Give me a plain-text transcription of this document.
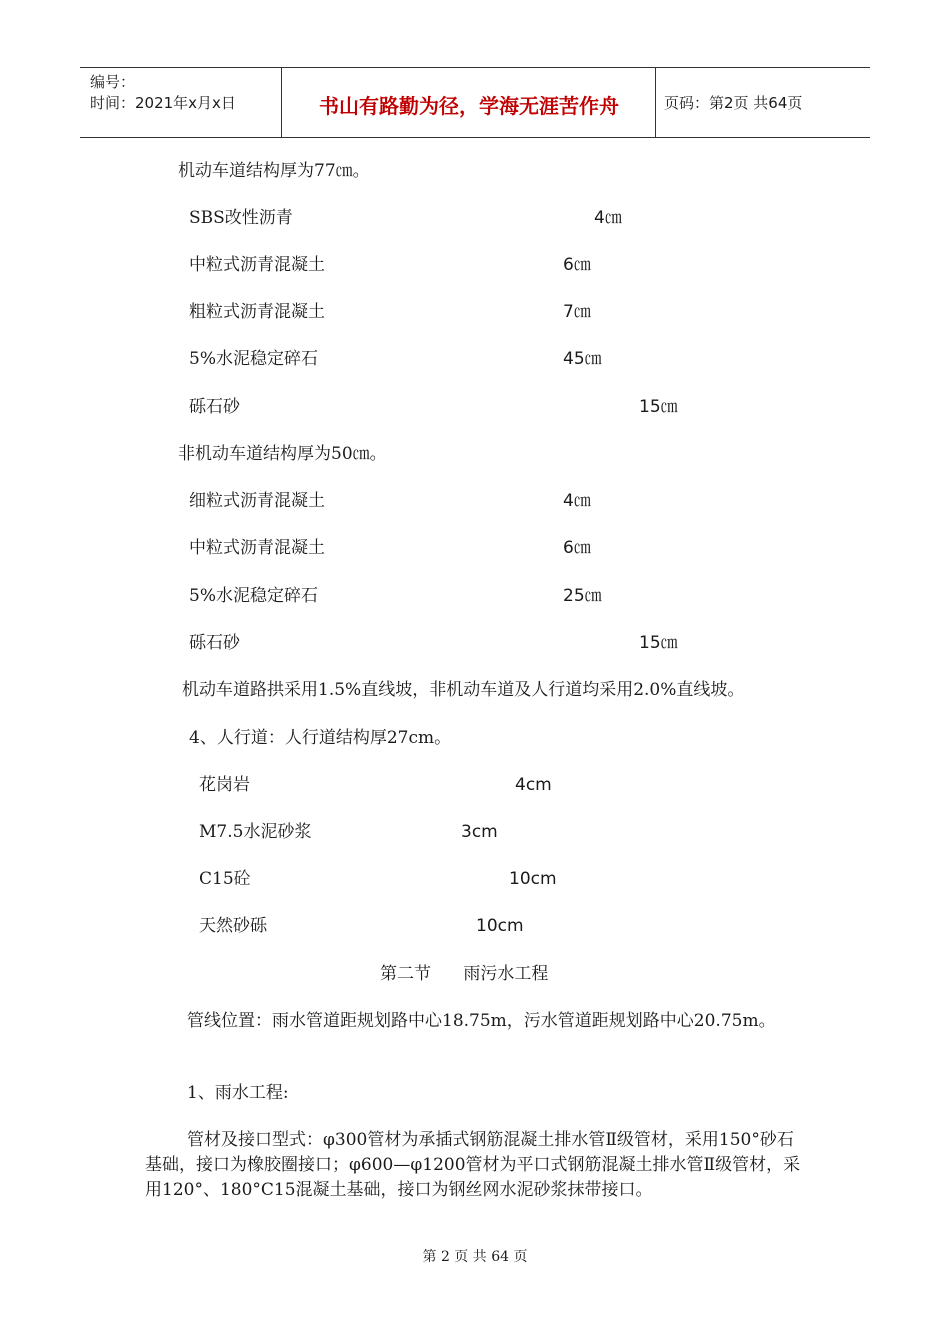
编号：
时间：2021年x月x日	书山有路勤为径，学海无涯苦作舟	页码：第2页 共64页
机动车道结构厚为77㎝。
SBS改性沥青	4㎝
中粒式沥青混凝土	6㎝
粗粒式沥青混凝土	7㎝
5%水泥稳定碎石	45㎝
砾石砂	15㎝
非机动车道结构厚为50㎝。
细粒式沥青混凝土	4㎝
中粒式沥青混凝土	6㎝
5%水泥稳定碎石	25㎝
砾石砂	15㎝
机动车道路拱采用1.5%直线坡，非机动车道及人行道均采用2.0%直线坡。
4、人行道：人行道结构厚27cm。
花岗岩	4cm
M7.5水泥砂浆	3cm
C15砼	10cm
天然砂砾	10cm
第二节      雨污水工程
管线位置：雨水管道距规划路中心18.75m，污水管道距规划路中心20.75m。
1、雨水工程:
管材及接口型式：φ300管材为承插式钢筋混凝土排水管Ⅱ级管材，采用150°砂石基础，接口为橡胶圈接口；φ600—φ1200管材为平口式钢筋混凝土排水管Ⅱ级管材，采用120°、180°C15混凝土基础，接口为钢丝网水泥砂浆抹带接口。
第 2 页 共 64 页
